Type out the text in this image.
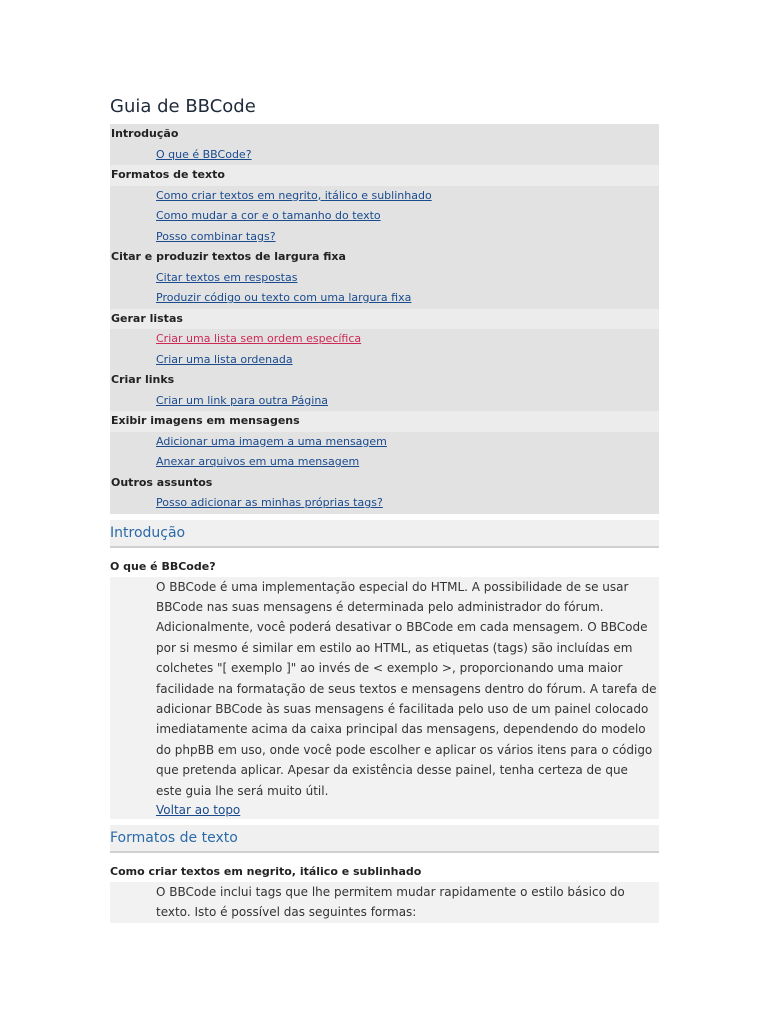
Guia de BBCode
Introdução
O que é BBCode?
Formatos de texto
Como criar textos em negrito, itálico e sublinhado
Como mudar a cor e o tamanho do texto
Posso combinar tags?
Citar e produzir textos de largura fixa
Citar textos em respostas
Produzir código ou texto com uma largura fixa
Gerar listas
Criar uma lista sem ordem específica
Criar uma lista ordenada
Criar links
Criar um link para outra Página
Exibir imagens em mensagens
Adicionar uma imagem a uma mensagem
Anexar arquivos em uma mensagem
Outros assuntos
Posso adicionar as minhas próprias tags?
Introdução
O que é BBCode?
O BBCode é uma implementação especial do HTML. A possibilidade de se usar BBCode nas suas mensagens é determinada pelo administrador do fórum. Adicionalmente, você poderá desativar o BBCode em cada mensagem. O BBCode por si mesmo é similar em estilo ao HTML, as etiquetas (tags) são incluídas em colchetes "[ exemplo ]" ao invés de < exemplo >, proporcionando uma maior facilidade na formatação de seus textos e mensagens dentro do fórum. A tarefa de adicionar BBCode às suas mensagens é facilitada pelo uso de um painel colocado imediatamente acima da caixa principal das mensagens, dependendo do modelo do phpBB em uso, onde você pode escolher e aplicar os vários itens para o código que pretenda aplicar. Apesar da existência desse painel, tenha certeza de que este guia lhe será muito útil.
Voltar ao topo
Formatos de texto
Como criar textos em negrito, itálico e sublinhado
O BBCode inclui tags que lhe permitem mudar rapidamente o estilo básico do texto. Isto é possível das seguintes formas:
